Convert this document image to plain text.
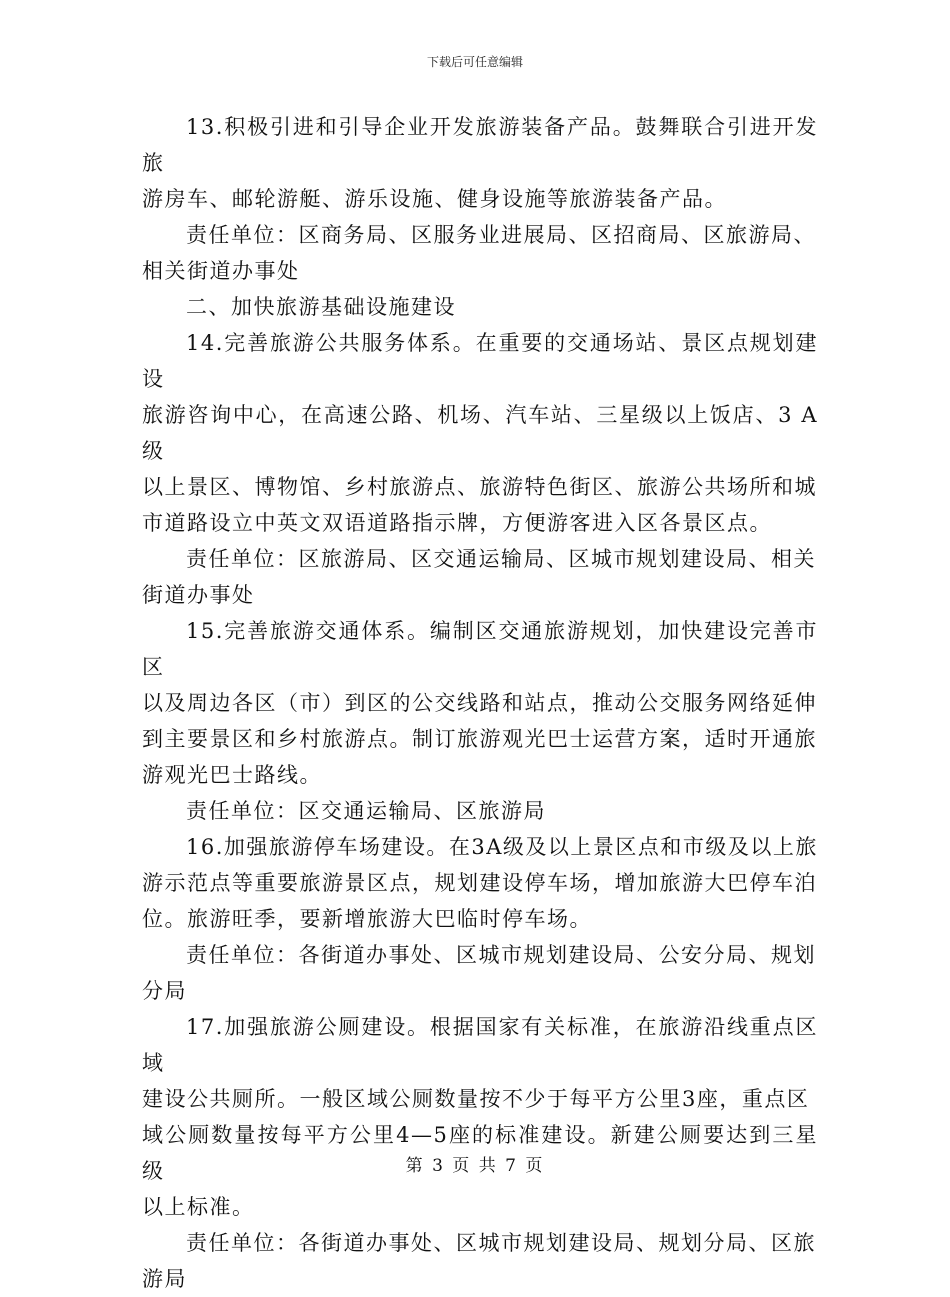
下载后可任意编辑

13.积极引进和引导企业开发旅游装备产品。鼓舞联合引进开发旅
游房车、邮轮游艇、游乐设施、健身设施等旅游装备产品。

责任单位：区商务局、区服务业进展局、区招商局、区旅游局、
相关街道办事处

二、加快旅游基础设施建设

14.完善旅游公共服务体系。在重要的交通场站、景区点规划建设
旅游咨询中心，在高速公路、机场、汽车站、三星级以上饭店、3 A级
以上景区、博物馆、乡村旅游点、旅游特色街区、旅游公共场所和城
市道路设立中英文双语道路指示牌，方便游客进入区各景区点。

责任单位：区旅游局、区交通运输局、区城市规划建设局、相关
街道办事处

15.完善旅游交通体系。编制区交通旅游规划，加快建设完善市区
以及周边各区（市）到区的公交线路和站点，推动公交服务网络延伸
到主要景区和乡村旅游点。制订旅游观光巴士运营方案，适时开通旅
游观光巴士路线。

责任单位：区交通运输局、区旅游局

16.加强旅游停车场建设。在3A级及以上景区点和市级及以上旅
游示范点等重要旅游景区点，规划建设停车场，增加旅游大巴停车泊
位。旅游旺季，要新增旅游大巴临时停车场。

责任单位：各街道办事处、区城市规划建设局、公安分局、规划
分局

17.加强旅游公厕建设。根据国家有关标准，在旅游沿线重点区域
建设公共厕所。一般区域公厕数量按不少于每平方公里3座，重点区
域公厕数量按每平方公里4—5座的标准建设。新建公厕要达到三星级
以上标准。

责任单位：各街道办事处、区城市规划建设局、规划分局、区旅
游局

第 3 页 共 7 页
